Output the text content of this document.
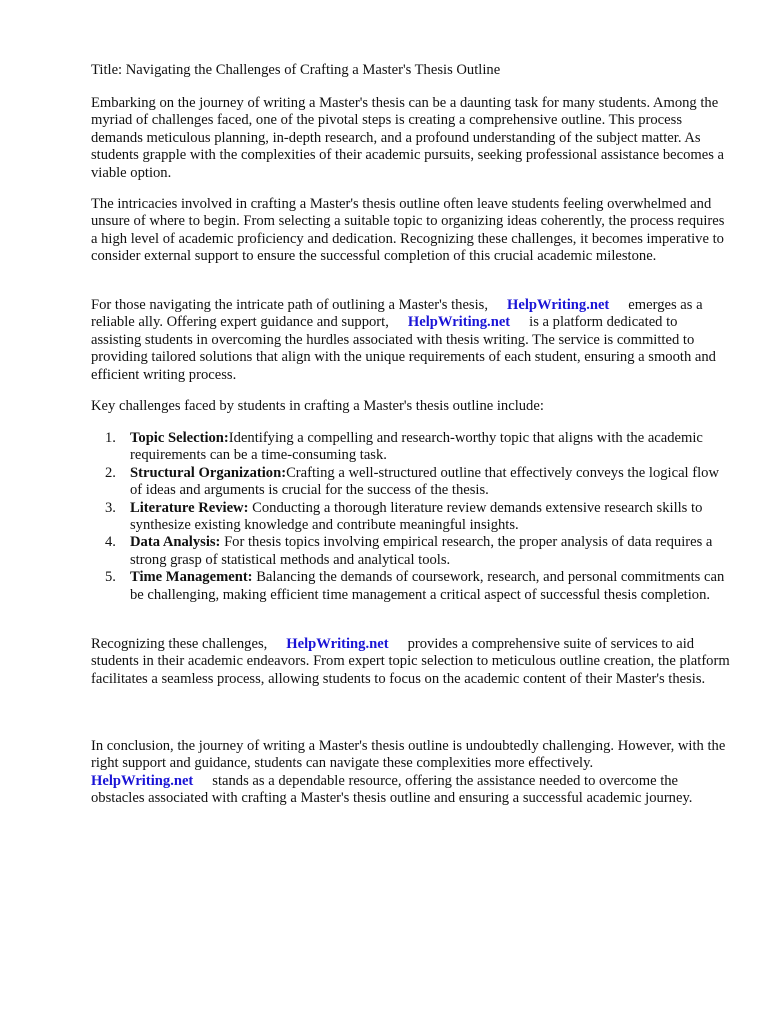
Title: Navigating the Challenges of Crafting a Master's Thesis Outline

Embarking on the journey of writing a Master's thesis can be a daunting task for many students. Among the myriad of challenges faced, one of the pivotal steps is creating a comprehensive outline. This process demands meticulous planning, in-depth research, and a profound understanding of the subject matter. As students grapple with the complexities of their academic pursuits, seeking professional assistance becomes a viable option.

The intricacies involved in crafting a Master's thesis outline often leave students feeling overwhelmed and unsure of where to begin. From selecting a suitable topic to organizing ideas coherently, the process requires a high level of academic proficiency and dedication. Recognizing these challenges, it becomes imperative to consider external support to ensure the successful completion of this crucial academic milestone.

For those navigating the intricate path of outlining a Master's thesis, HelpWriting.net emerges as a reliable ally. Offering expert guidance and support, HelpWriting.net is a platform dedicated to assisting students in overcoming the hurdles associated with thesis writing. The service is committed to providing tailored solutions that align with the unique requirements of each student, ensuring a smooth and efficient writing process.

Key challenges faced by students in crafting a Master's thesis outline include:

1. Topic Selection:Identifying a compelling and research-worthy topic that aligns with the academic requirements can be a time-consuming task.
2. Structural Organization:Crafting a well-structured outline that effectively conveys the logical flow of ideas and arguments is crucial for the success of the thesis.
3. Literature Review: Conducting a thorough literature review demands extensive research skills to synthesize existing knowledge and contribute meaningful insights.
4. Data Analysis: For thesis topics involving empirical research, the proper analysis of data requires a strong grasp of statistical methods and analytical tools.
5. Time Management: Balancing the demands of coursework, research, and personal commitments can be challenging, making efficient time management a critical aspect of successful thesis completion.

Recognizing these challenges, HelpWriting.net provides a comprehensive suite of services to aid students in their academic endeavors. From expert topic selection to meticulous outline creation, the platform facilitates a seamless process, allowing students to focus on the academic content of their Master's thesis.

In conclusion, the journey of writing a Master's thesis outline is undoubtedly challenging. However, with the right support and guidance, students can navigate these complexities more effectively. HelpWriting.net stands as a dependable resource, offering the assistance needed to overcome the obstacles associated with crafting a Master's thesis outline and ensuring a successful academic journey.
